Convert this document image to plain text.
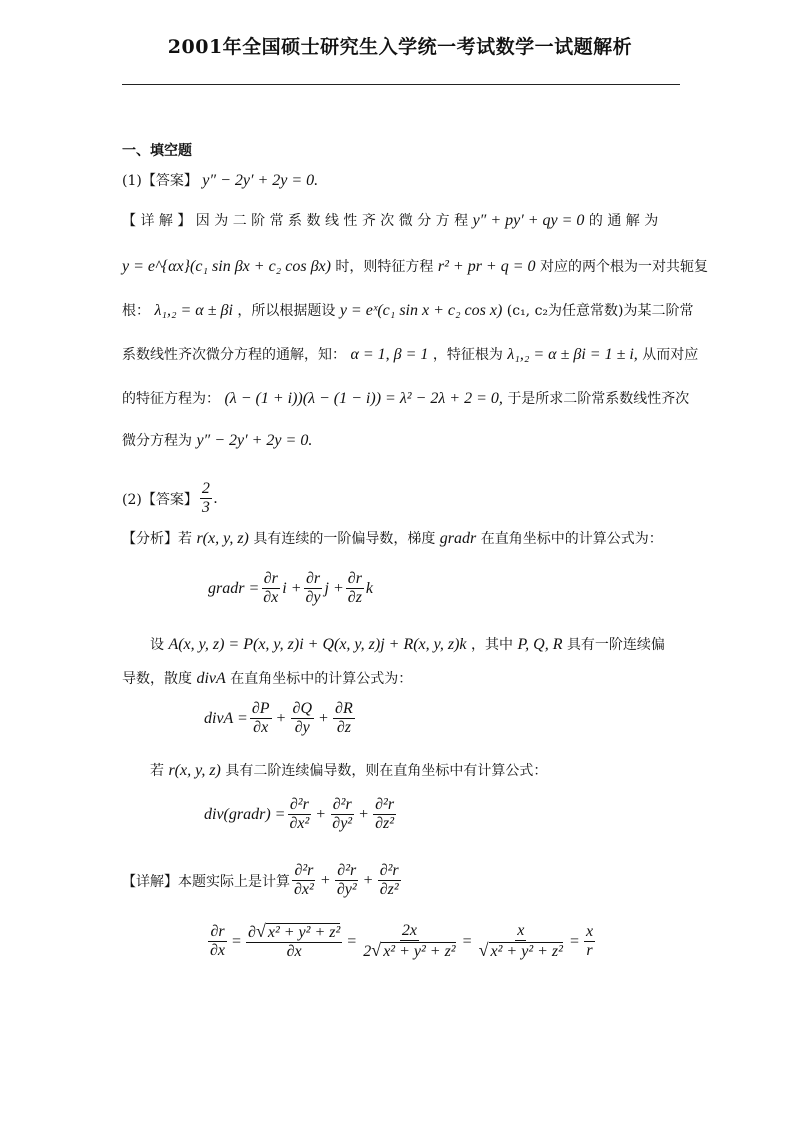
2001年全国硕士研究生入学统一考试数学一试题解析
一、填空题
(1)【答案】 y″ − 2y′ + 2y = 0.
【 详 解 】 因 为 二 阶 常 系 数 线 性 齐 次 微 分 方 程 y″ + py′ + qy = 0 的 通 解 为
y = e^{αx}(c₁ sin βx + c₂ cos βx) 时，则特征方程 r² + pr + q = 0 对应的两个根为一对共轭复
根： λ₁,₂ = α ± βi ，所以根据题设 y = eˣ(c₁ sin x + c₂ cos x) (c₁, c₂为任意常数)为某二阶常
系数线性齐次微分方程的通解，知： α = 1, β = 1 ，特征根为 λ₁,₂ = α ± βi = 1 ± i, 从而对应
的特征方程为： (λ − (1 + i))(λ − (1 − i)) = λ² − 2λ + 2 = 0, 于是所求二阶常系数线性齐次
微分方程为 y″ − 2y′ + 2y = 0.
(2)【答案】 $\frac{2}{3}$ .
【分析】若 r(x, y, z) 具有连续的一阶偏导数，梯度 gradr 在直角坐标中的计算公式为：
gradr = $\frac{\partial r}{\partial x}$ $i + \frac{\partial r}{\partial y}$ $j + \frac{\partial r}{\partial z}$ k
设 A(x, y, z) = P(x, y, z)i + Q(x, y, z)j + R(x, y, z)k ，其中 P, Q, R 具有一阶连续偏
导数，散度 divA 在直角坐标中的计算公式为：
divA = $\frac{\partial P}{\partial x} + \frac{\partial Q}{\partial y} + \frac{\partial R}{\partial z}$
若 r(x, y, z) 具有二阶连续偏导数，则在直角坐标中有计算公式：
div(gradr) = $\frac{\text{∂²r}}{\text{∂x²}} + \frac{\text{∂²r}}{\text{∂y²}} + \frac{\text{∂²r}}{\text{∂z²}}$
【详解】本题实际上是计算 $\frac{\text{∂²r}}{\text{∂x²}} + \frac{\text{∂²r}}{\text{∂y²}} + \frac{\text{∂²r}}{\text{∂z²}}$
$\frac{\partial r}{\partial x} = \frac{\text{∂√ x² + y² + z²}}{\partial x} = \frac{2x}{\text{2√ x² + y² + z²}} = \frac{x}{\text{√ x² + y² + z²}} = \frac{x}{r}$
